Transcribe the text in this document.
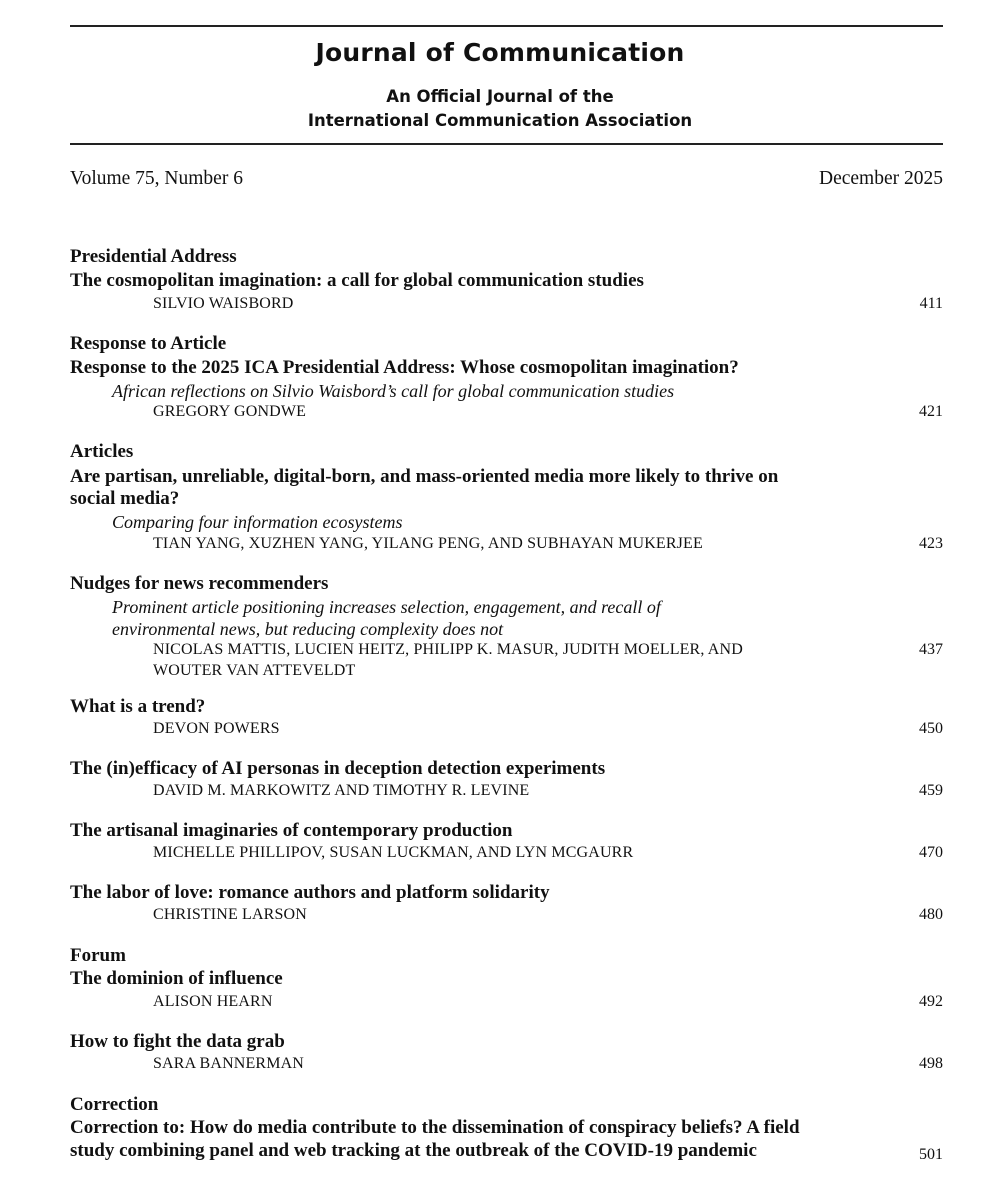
Journal of Communication
An Official Journal of the
International Communication Association
Volume 75, Number 6	December 2025
Presidential Address
The cosmopolitan imagination: a call for global communication studies
SILVIO WAISBORD	411
Response to Article
Response to the 2025 ICA Presidential Address: Whose cosmopolitan imagination?
African reflections on Silvio Waisbord’s call for global communication studies
GREGORY GONDWE	421
Articles
Are partisan, unreliable, digital-born, and mass-oriented media more likely to thrive on
social media?
Comparing four information ecosystems
TIAN YANG, XUZHEN YANG, YILANG PENG, AND SUBHAYAN MUKERJEE	423
Nudges for news recommenders
Prominent article positioning increases selection, engagement, and recall of
environmental news, but reducing complexity does not
NICOLAS MATTIS, LUCIEN HEITZ, PHILIPP K. MASUR, JUDITH MOELLER, AND
WOUTER VAN ATTEVELDT
437
What is a trend?
DEVON POWERS	450
The (in)efficacy of AI personas in deception detection experiments
DAVID M. MARKOWITZ AND TIMOTHY R. LEVINE	459
The artisanal imaginaries of contemporary production
MICHELLE PHILLIPOV, SUSAN LUCKMAN, AND LYN MCGAURR	470
The labor of love: romance authors and platform solidarity
CHRISTINE LARSON	480
Forum
The dominion of influence
ALISON HEARN	492
How to fight the data grab
SARA BANNERMAN	498
Correction
Correction to: How do media contribute to the dissemination of conspiracy beliefs? A field
study combining panel and web tracking at the outbreak of the COVID-19 pandemic	501
